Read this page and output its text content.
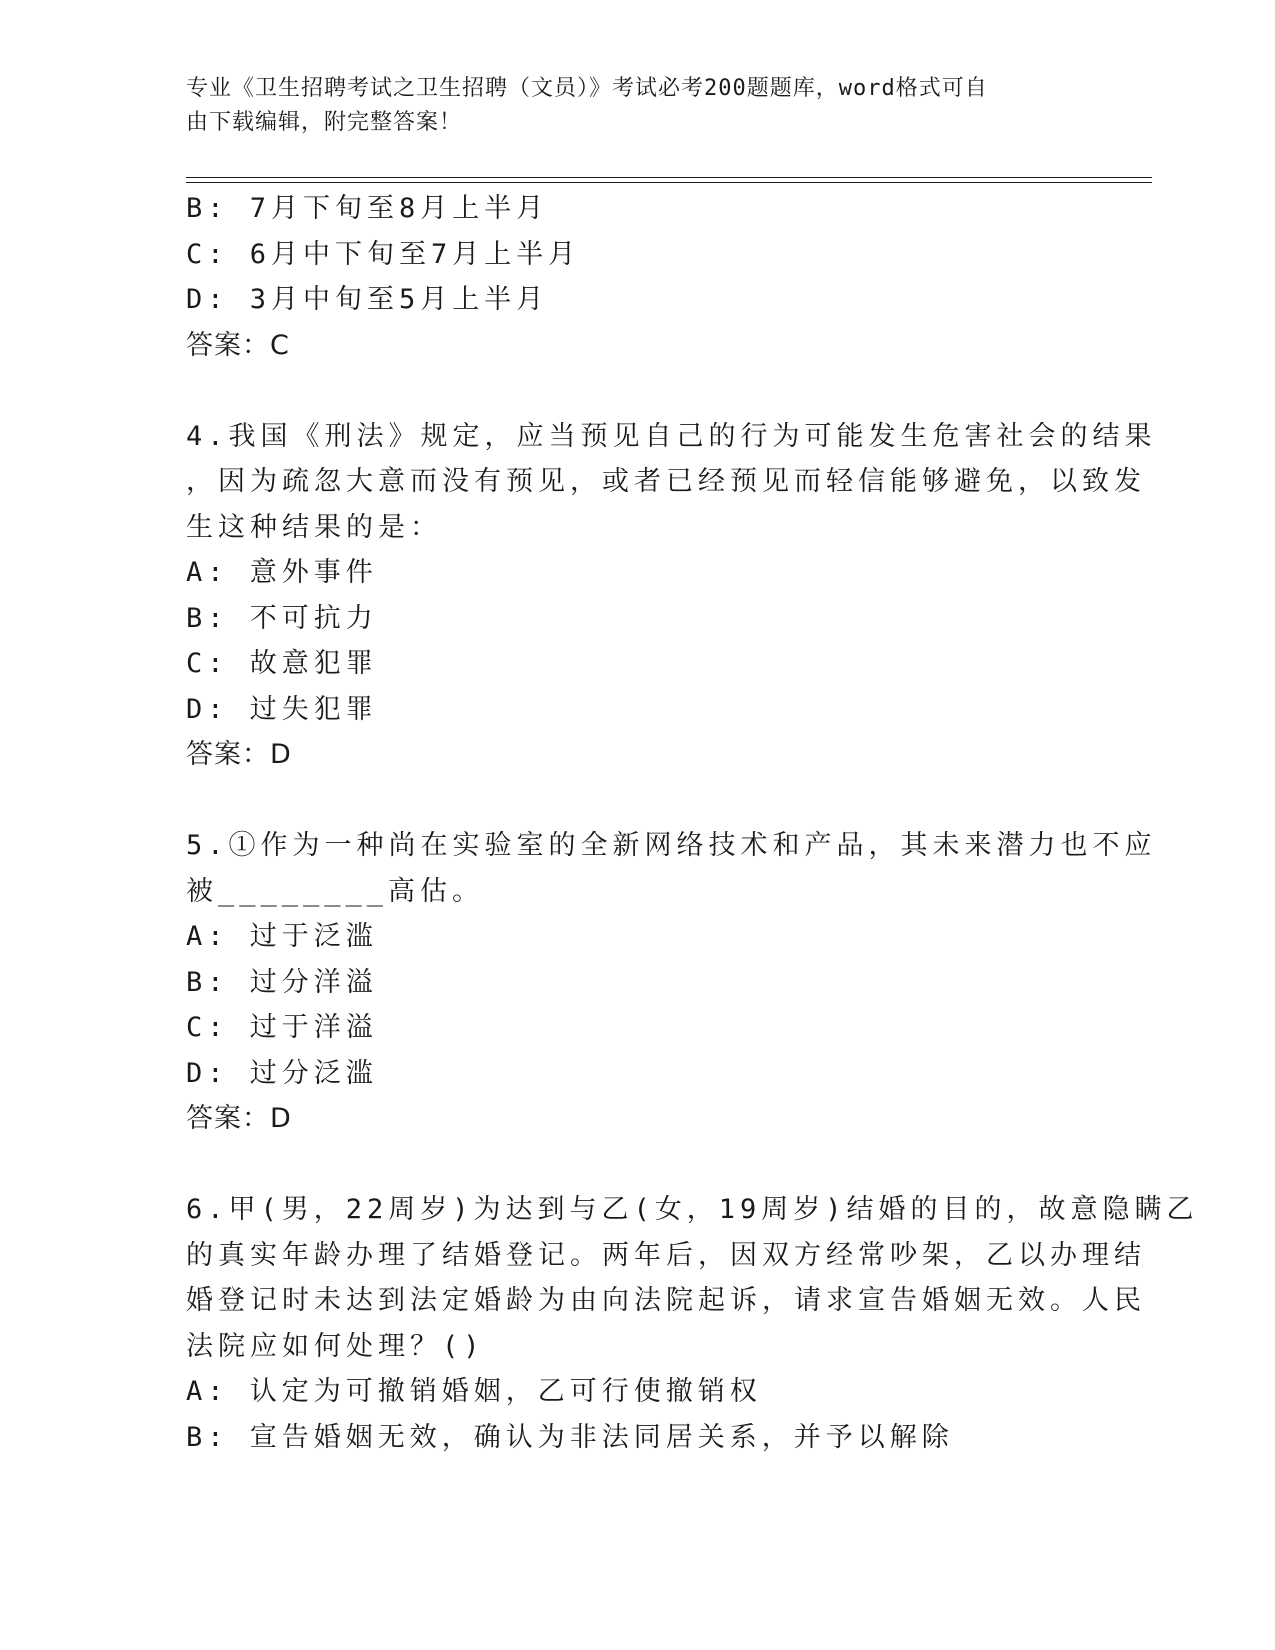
专业《卫生招聘考试之卫生招聘（文员）》考试必考200题题库，word格式可自
由下载编辑，附完整答案！
B: 7月下旬至8月上半月
C: 6月中下旬至7月上半月
D: 3月中旬至5月上半月
答案：C
4.我国《刑法》规定，应当预见自己的行为可能发生危害社会的结果
，因为疏忽大意而没有预见，或者已经预见而轻信能够避免，以致发
生这种结果的是：
A: 意外事件
B: 不可抗力
C: 故意犯罪
D: 过失犯罪
答案：D
5.①作为一种尚在实验室的全新网络技术和产品，其未来潜力也不应
被________高估。
A: 过于泛滥
B: 过分洋溢
C: 过于洋溢
D: 过分泛滥
答案：D
6.甲(男，22周岁)为达到与乙(女，19周岁)结婚的目的，故意隐瞒乙
的真实年龄办理了结婚登记。两年后，因双方经常吵架，乙以办理结
婚登记时未达到法定婚龄为由向法院起诉，请求宣告婚姻无效。人民
法院应如何处理？()
A: 认定为可撤销婚姻，乙可行使撤销权
B: 宣告婚姻无效，确认为非法同居关系，并予以解除
